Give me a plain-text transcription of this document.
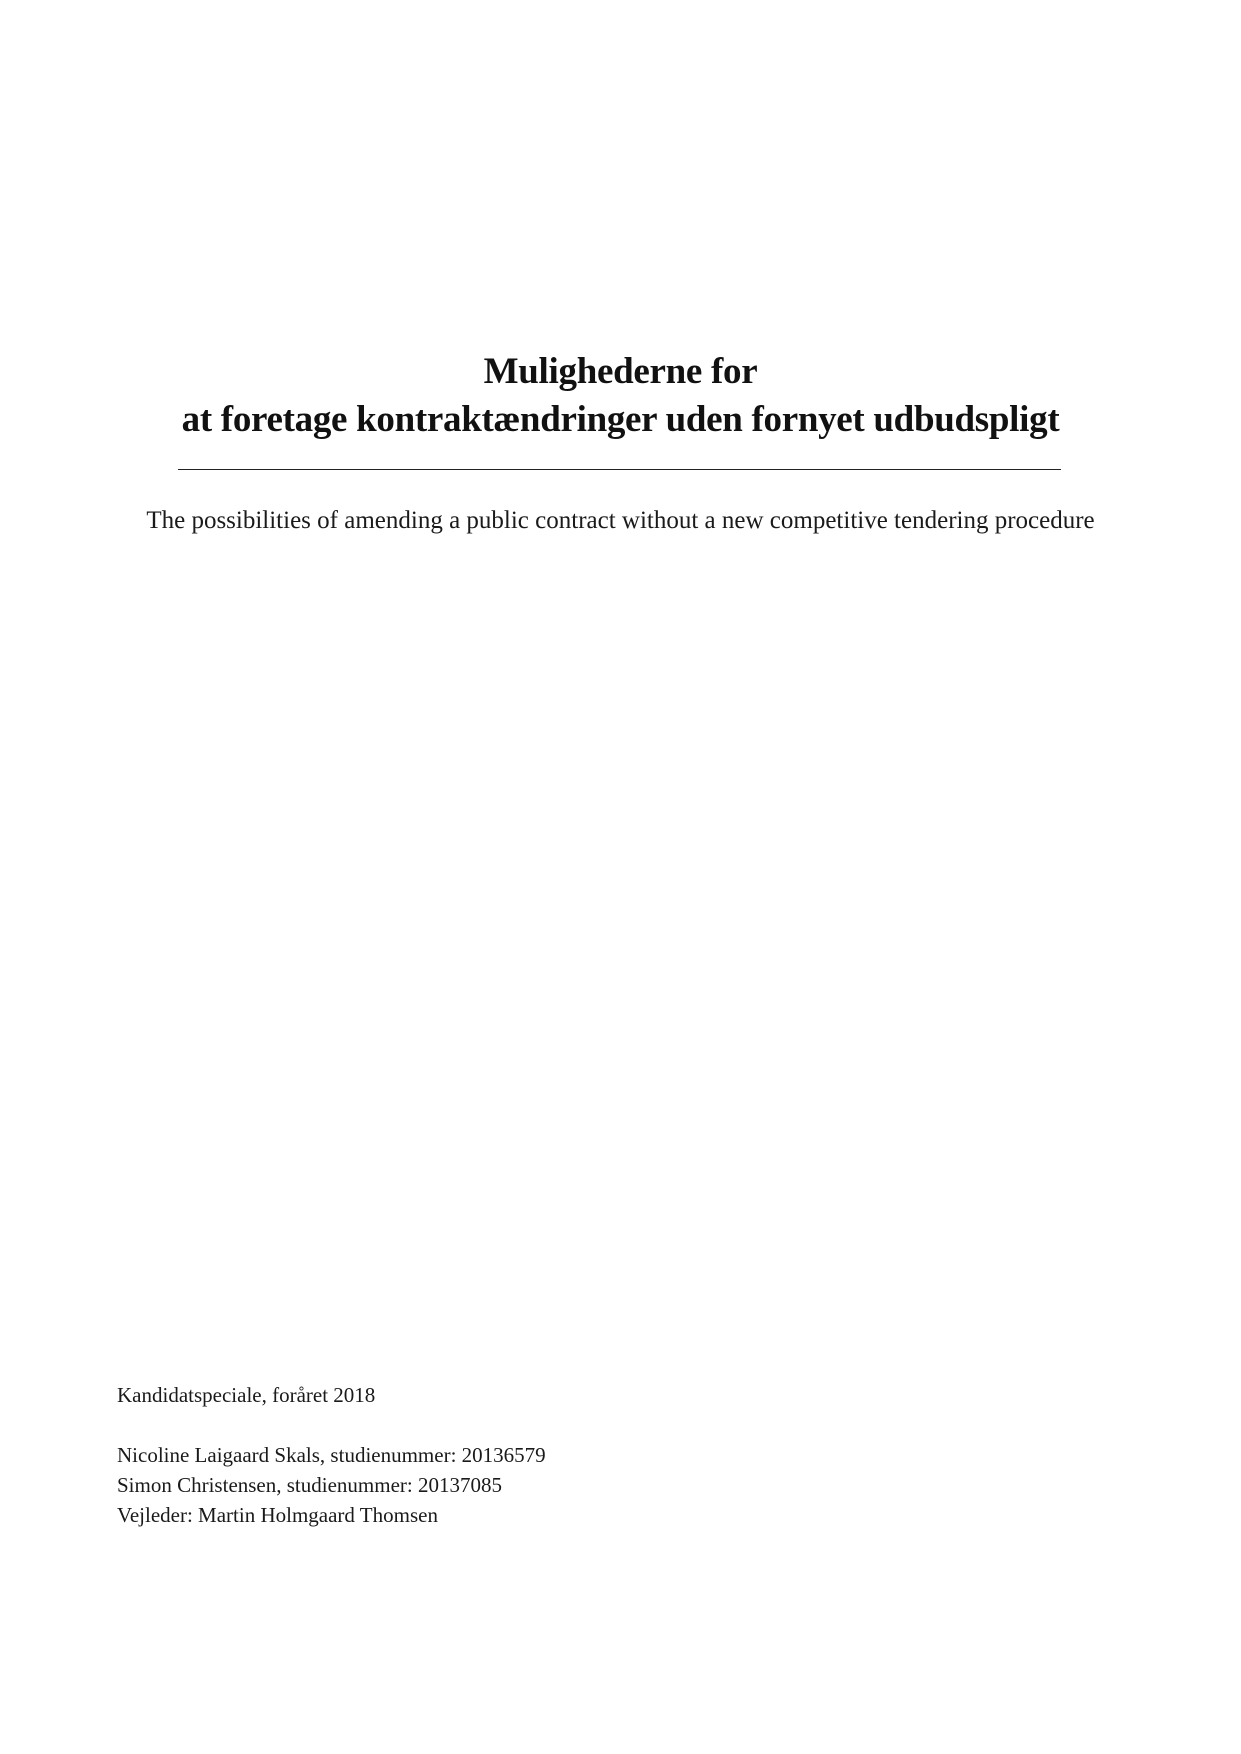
Mulighederne for

at foretage kontraktændringer uden fornyet udbudspligt

The possibilities of amending a public contract without a new competitive tendering procedure

Kandidatspeciale, foråret 2018

Nicoline Laigaard Skals, studienummer: 20136579

Simon Christensen, studienummer: 20137085

Vejleder: Martin Holmgaard Thomsen
